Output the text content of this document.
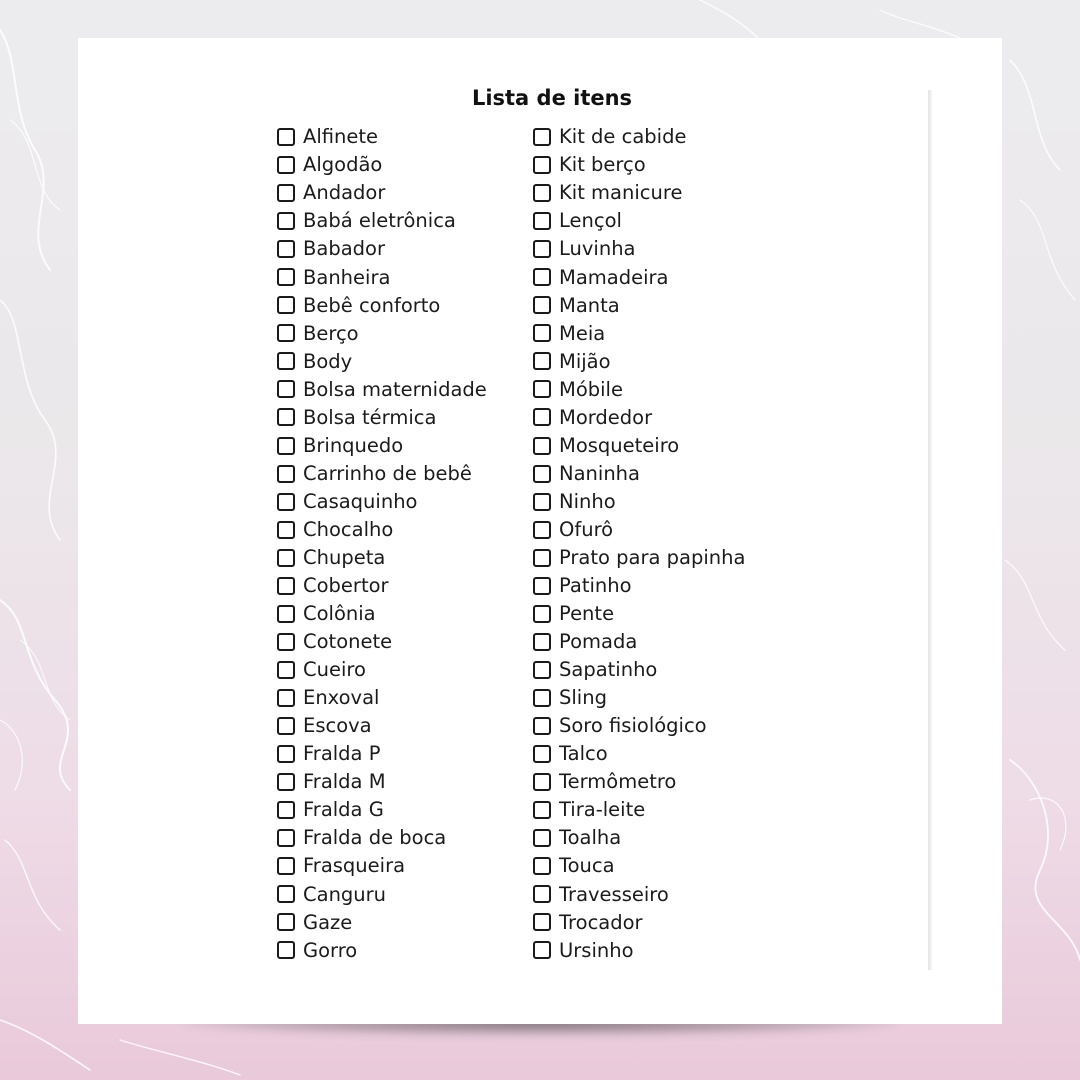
Lista de itens
Alfinete
Algodão
Andador
Babá eletrônica
Babador
Banheira
Bebê conforto
Berço
Body
Bolsa maternidade
Bolsa térmica
Brinquedo
Carrinho de bebê
Casaquinho
Chocalho
Chupeta
Cobertor
Colônia
Cotonete
Cueiro
Enxoval
Escova
Fralda P
Fralda M
Fralda G
Fralda de boca
Frasqueira
Canguru
Gaze
Gorro
Kit de cabide
Kit berço
Kit manicure
Lençol
Luvinha
Mamadeira
Manta
Meia
Mijão
Móbile
Mordedor
Mosqueteiro
Naninha
Ninho
Ofurô
Prato para papinha
Patinho
Pente
Pomada
Sapatinho
Sling
Soro fisiológico
Talco
Termômetro
Tira-leite
Toalha
Touca
Travesseiro
Trocador
Ursinho
